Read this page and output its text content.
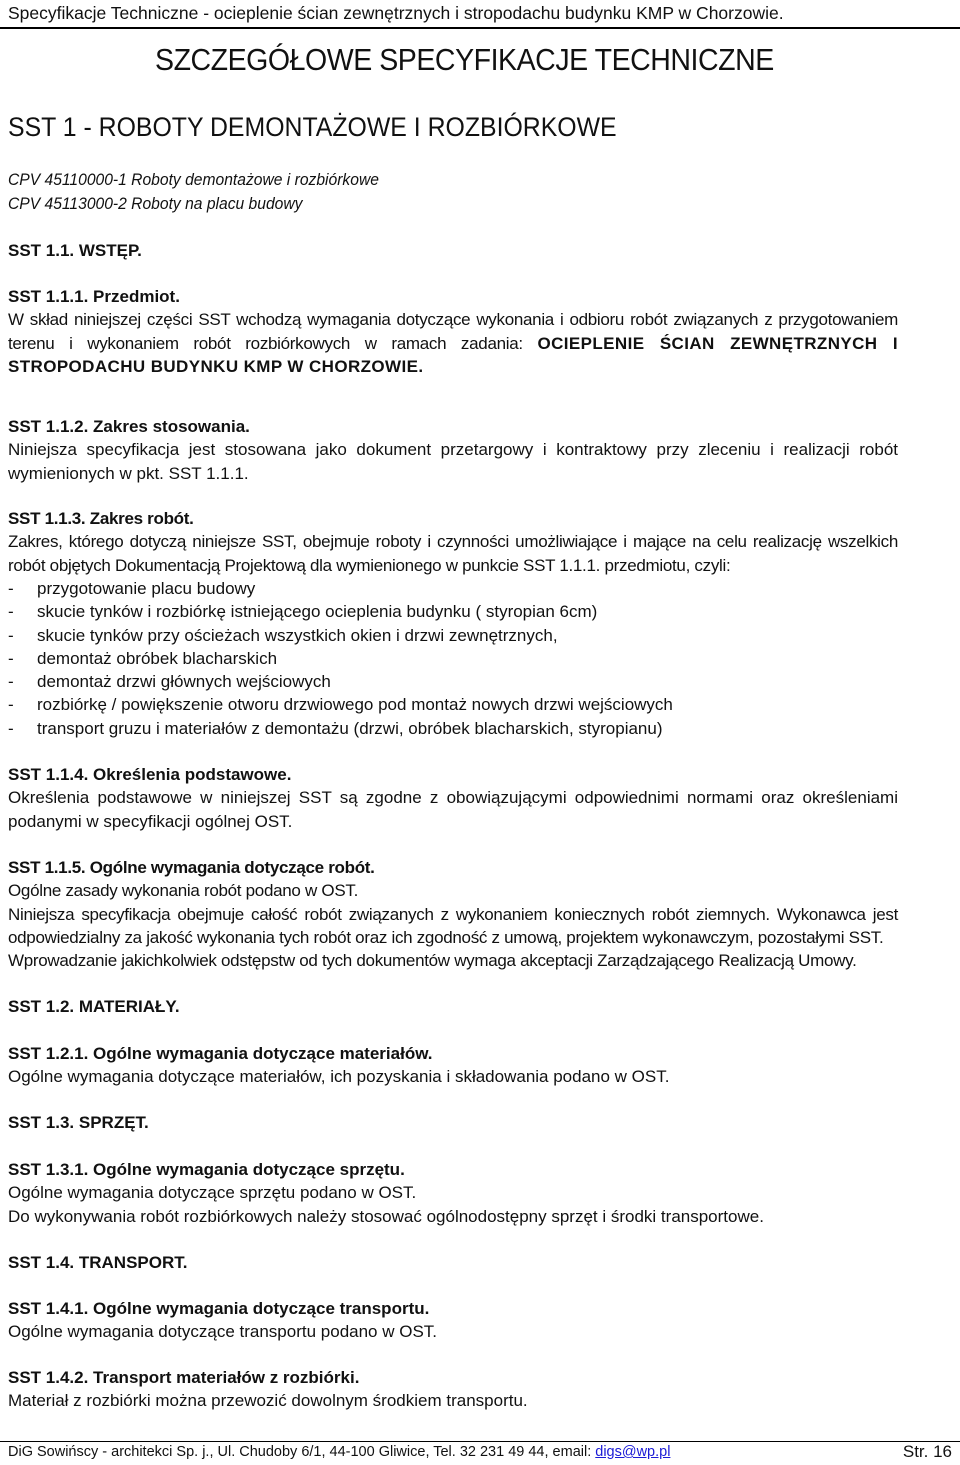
Specyfikacje Techniczne - ocieplenie ścian zewnętrznych i stropodachu budynku KMP w Chorzowie.
SZCZEGÓŁOWE SPECYFIKACJE TECHNICZNE
SST 1 - ROBOTY DEMONTAŻOWE I ROZBIÓRKOWE
CPV 45110000-1 Roboty demontażowe i rozbiórkowe
CPV 45113000-2 Roboty na placu budowy
SST 1.1. WSTĘP.
SST 1.1.1. Przedmiot.
W skład niniejszej części SST wchodzą wymagania dotyczące wykonania i odbioru robót związanych z przygotowaniem terenu i wykonaniem robót rozbiórkowych w ramach zadania: OCIEPLENIE ŚCIAN ZEWNĘTRZNYCH I STROPODACHU BUDYNKU KMP W CHORZOWIE.
SST 1.1.2. Zakres stosowania.
Niniejsza specyfikacja jest stosowana jako dokument przetargowy i kontraktowy przy zleceniu i realizacji robót wymienionych w pkt. SST 1.1.1.
SST 1.1.3. Zakres robót.
Zakres, którego dotyczą niniejsze SST, obejmuje roboty i czynności umożliwiające i mające na celu realizację wszelkich robót objętych Dokumentacją Projektową dla wymienionego w punkcie SST 1.1.1. przedmiotu, czyli:
- przygotowanie placu budowy
- skucie tynków i rozbiórkę istniejącego ocieplenia budynku ( styropian 6cm)
- skucie tynków przy ościeżach wszystkich okien i drzwi zewnętrznych,
- demontaż obróbek blacharskich
- demontaż drzwi głównych wejściowych
- rozbiórkę / powiększenie otworu drzwiowego pod montaż nowych drzwi wejściowych
- transport gruzu i materiałów z demontażu (drzwi, obróbek blacharskich, styropianu)
SST 1.1.4. Określenia podstawowe.
Określenia podstawowe w niniejszej SST są zgodne z obowiązującymi odpowiednimi normami oraz określeniami podanymi w specyfikacji ogólnej OST.
SST 1.1.5. Ogólne wymagania dotyczące robót.
Ogólne zasady wykonania robót podano w OST.
Niniejsza specyfikacja obejmuje całość robót związanych z wykonaniem koniecznych robót ziemnych. Wykonawca jest odpowiedzialny za jakość wykonania tych robót oraz ich zgodność z umową, projektem wykonawczym, pozostałymi SST.
Wprowadzanie jakichkolwiek odstępstw od tych dokumentów wymaga akceptacji Zarządzającego Realizacją Umowy.
SST 1.2. MATERIAŁY.
SST 1.2.1. Ogólne wymagania dotyczące materiałów.
Ogólne wymagania dotyczące materiałów, ich pozyskania i składowania podano w OST.
SST 1.3. SPRZĘT.
SST 1.3.1. Ogólne wymagania dotyczące sprzętu.
Ogólne wymagania dotyczące sprzętu podano w OST.
Do wykonywania robót rozbiórkowych należy stosować ogólnodostępny sprzęt i środki transportowe.
SST 1.4. TRANSPORT.
SST 1.4.1. Ogólne wymagania dotyczące transportu.
Ogólne wymagania dotyczące transportu podano w OST.
SST 1.4.2. Transport materiałów z rozbiórki.
Materiał z rozbiórki można przewozić dowolnym środkiem transportu.
DiG Sowińscy - architekci Sp. j., Ul. Chudoby 6/1, 44-100 Gliwice, Tel. 32 231 49 44, email: digs@wp.pl	Str. 16
